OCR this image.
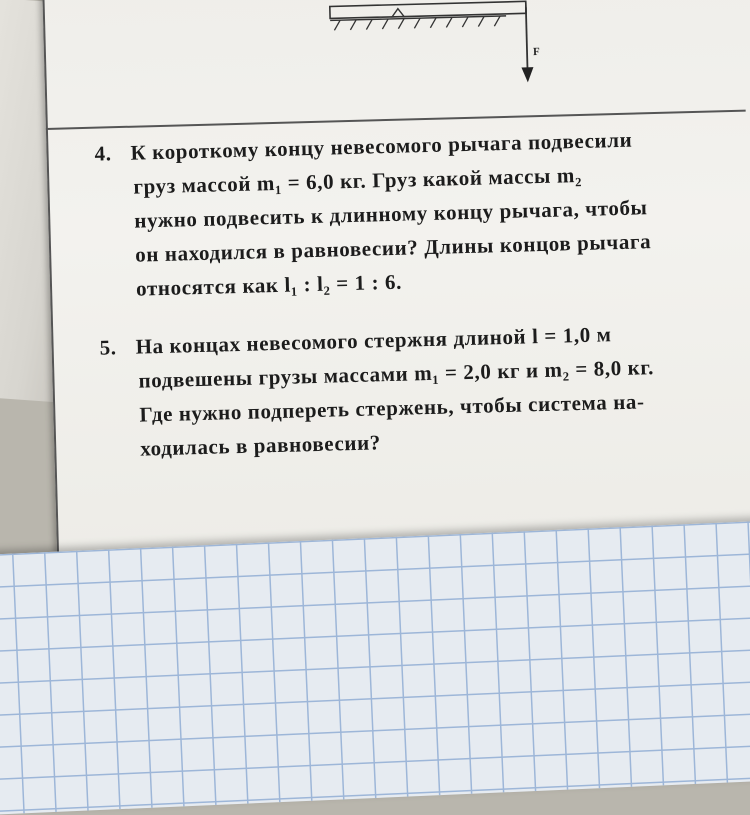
F
4. К короткому концу невесомого рычага подвесили
груз массой m₁ = 6,0 кг. Груз какой массы m₂
нужно подвесить к длинному концу рычага, чтобы
он находился в равновесии? Длины концов рычага
относятся как l₁ : l₂ = 1 : 6.
5. На концах невесомого стержня длиной l = 1,0 м
подвешены грузы массами m₁ = 2,0 кг и m₂ = 8,0 кг.
Где нужно подпереть стержень, чтобы система на-
ходилась в равновесии?
